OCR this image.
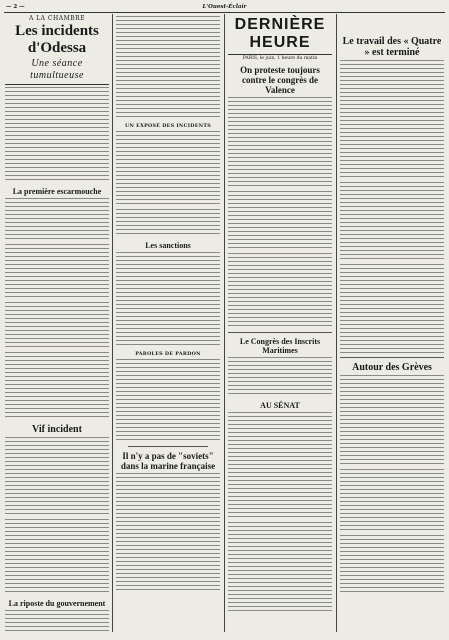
— 2 —	L'Ouest-Éclair
A LA CHAMBRE
Les incidents d'Odessa
Une séance tumultueuse
La première escarmouche
Vif incident
La riposte du gouvernement
UN EXPOSÉ DES INCIDENTS
Les sanctions
PAROLES DE PARDON
Il n'y a pas de "soviets" dans la marine française
DERNIÈRE HEURE
PARIS, le juin, 1 heure du matin
On proteste toujours contre le congrès de Valence
Le Congrès des Inscrits Maritimes
AU SÉNAT
Le travail des « Quatre » est terminé
Autour des Grèves
